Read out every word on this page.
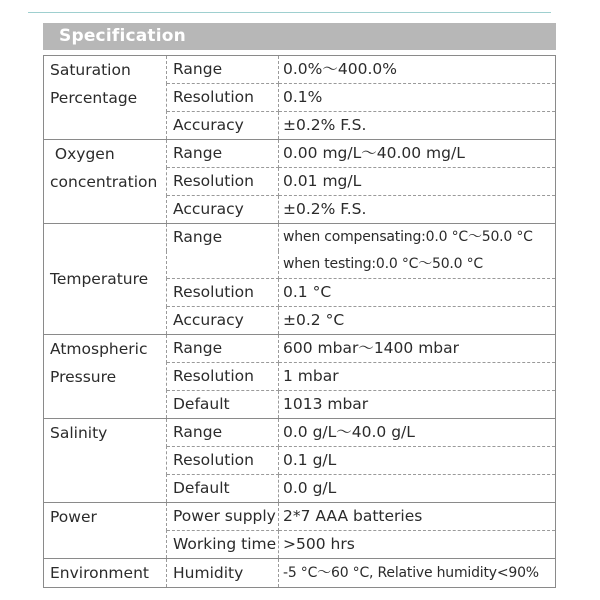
Specification
Saturation
Percentage	Range	0.0%～400.0%
	Resolution	0.1%
	Accuracy	±0.2% F.S.

Oxygen
concentration	Range	0.00 mg/L～40.00 mg/L
	Resolution	0.01 mg/L
	Accuracy	±0.2% F.S.

Temperature	Range	when compensating:0.0 °C～50.0 °C
		when testing:0.0 °C～50.0 °C
	Resolution	0.1 °C
	Accuracy	±0.2 °C

Atmospheric
Pressure	Range	600 mbar～1400 mbar
	Resolution	1 mbar
	Default	1013 mbar

Salinity	Range	0.0 g/L～40.0 g/L
	Resolution	0.1 g/L
	Default	0.0 g/L

Power	Power supply	2*7 AAA batteries
	Working time	>500 hrs

Environment	Humidity	-5 °C～60 °C, Relative humidity<90%
